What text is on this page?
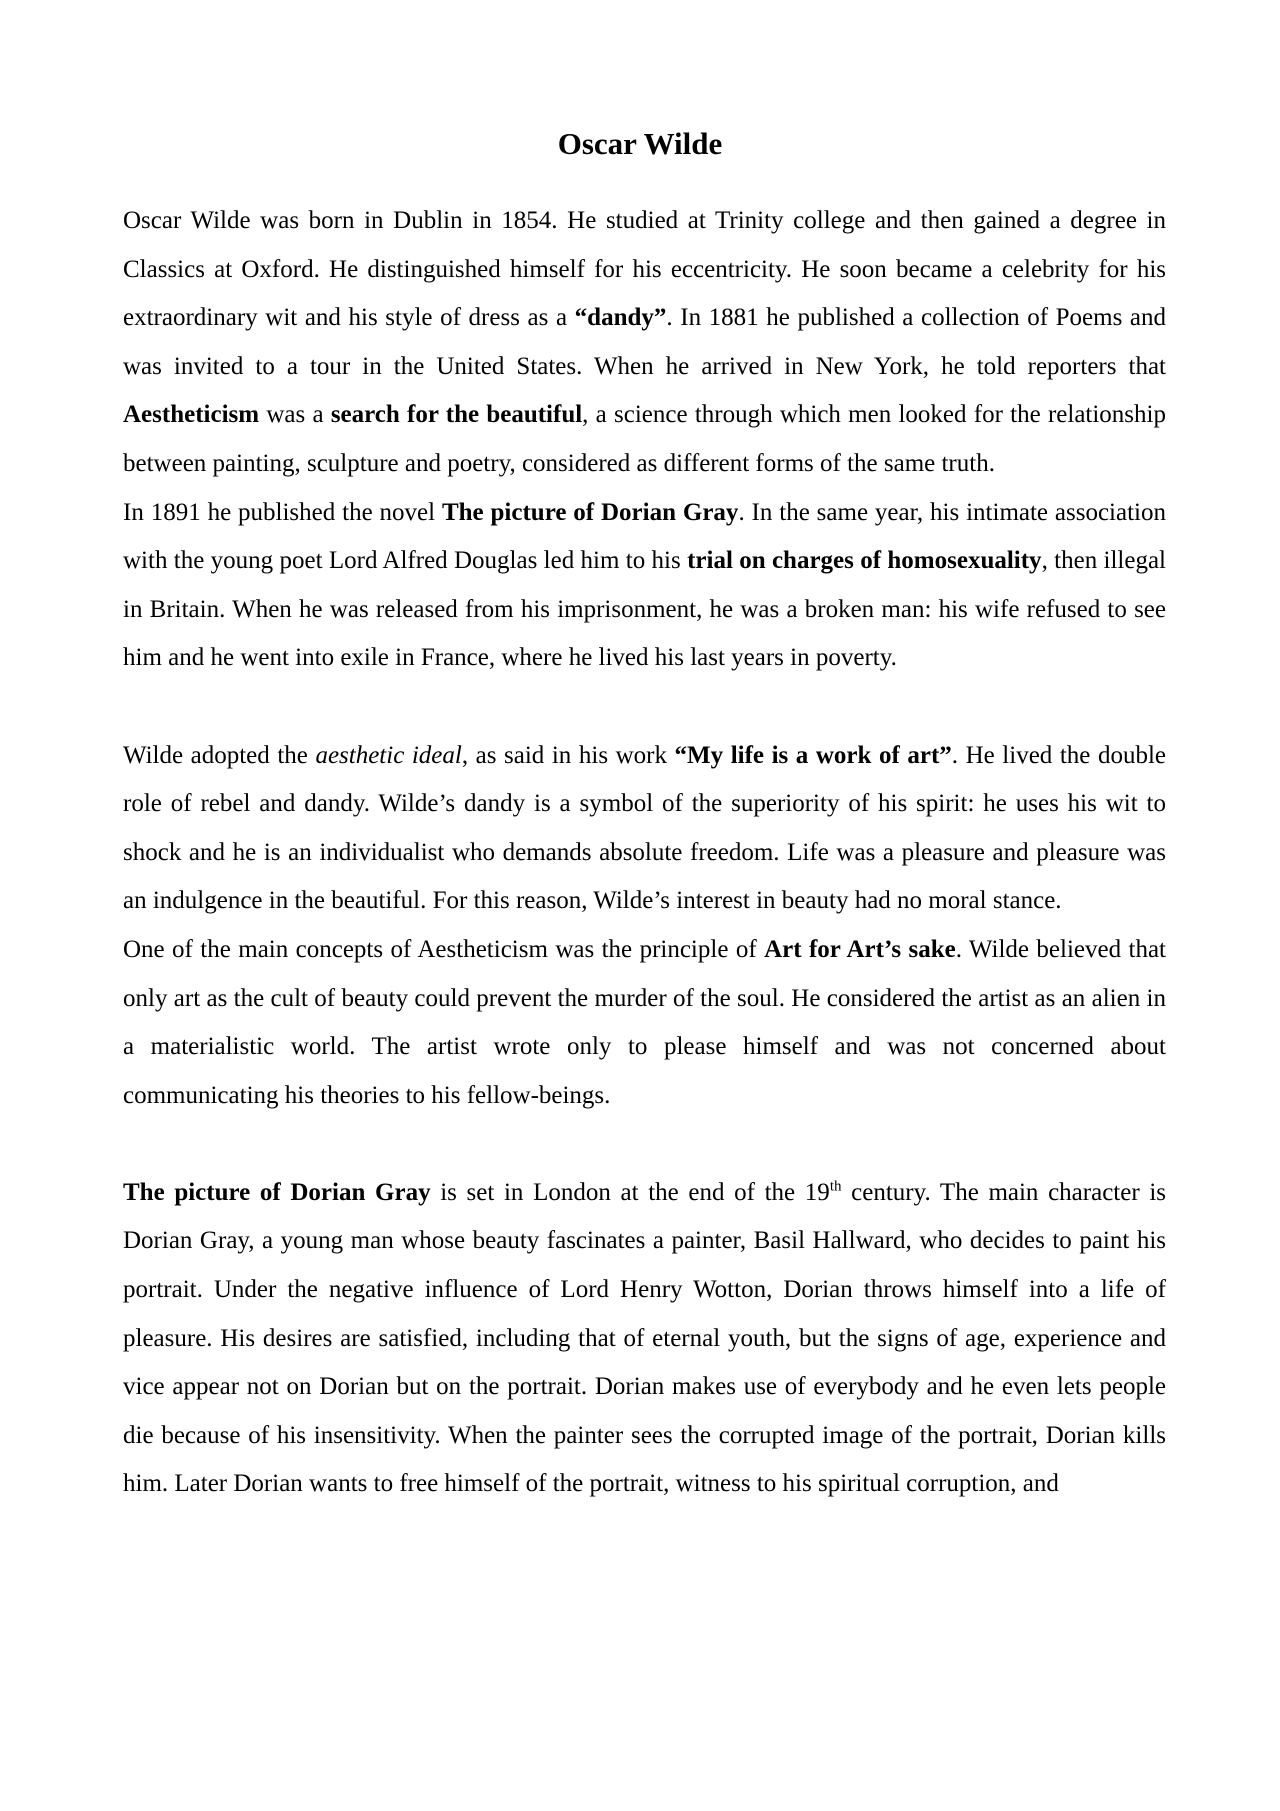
Oscar Wilde

Oscar Wilde was born in Dublin in 1854. He studied at Trinity college and then gained a degree in Classics at Oxford. He distinguished himself for his eccentricity. He soon became a celebrity for his extraordinary wit and his style of dress as a “dandy”. In 1881 he published a collection of Poems and was invited to a tour in the United States. When he arrived in New York, he told reporters that Aestheticism was a search for the beautiful, a science through which men looked for the relationship between painting, sculpture and poetry, considered as different forms of the same truth.

In 1891 he published the novel The picture of Dorian Gray. In the same year, his intimate association with the young poet Lord Alfred Douglas led him to his trial on charges of homosexuality, then illegal in Britain. When he was released from his imprisonment, he was a broken man: his wife refused to see him and he went into exile in France, where he lived his last years in poverty.

Wilde adopted the aesthetic ideal, as said in his work “My life is a work of art”. He lived the double role of rebel and dandy. Wilde’s dandy is a symbol of the superiority of his spirit: he uses his wit to shock and he is an individualist who demands absolute freedom. Life was a pleasure and pleasure was an indulgence in the beautiful. For this reason, Wilde’s interest in beauty had no moral stance.

One of the main concepts of Aestheticism was the principle of Art for Art’s sake. Wilde believed that only art as the cult of beauty could prevent the murder of the soul. He considered the artist as an alien in a materialistic world. The artist wrote only to please himself and was not concerned about communicating his theories to his fellow-beings.

The picture of Dorian Gray is set in London at the end of the 19th century. The main character is Dorian Gray, a young man whose beauty fascinates a painter, Basil Hallward, who decides to paint his portrait. Under the negative influence of Lord Henry Wotton, Dorian throws himself into a life of pleasure. His desires are satisfied, including that of eternal youth, but the signs of age, experience and vice appear not on Dorian but on the portrait. Dorian makes use of everybody and he even lets people die because of his insensitivity. When the painter sees the corrupted image of the portrait, Dorian kills him. Later Dorian wants to free himself of the portrait, witness to his spiritual corruption, and
